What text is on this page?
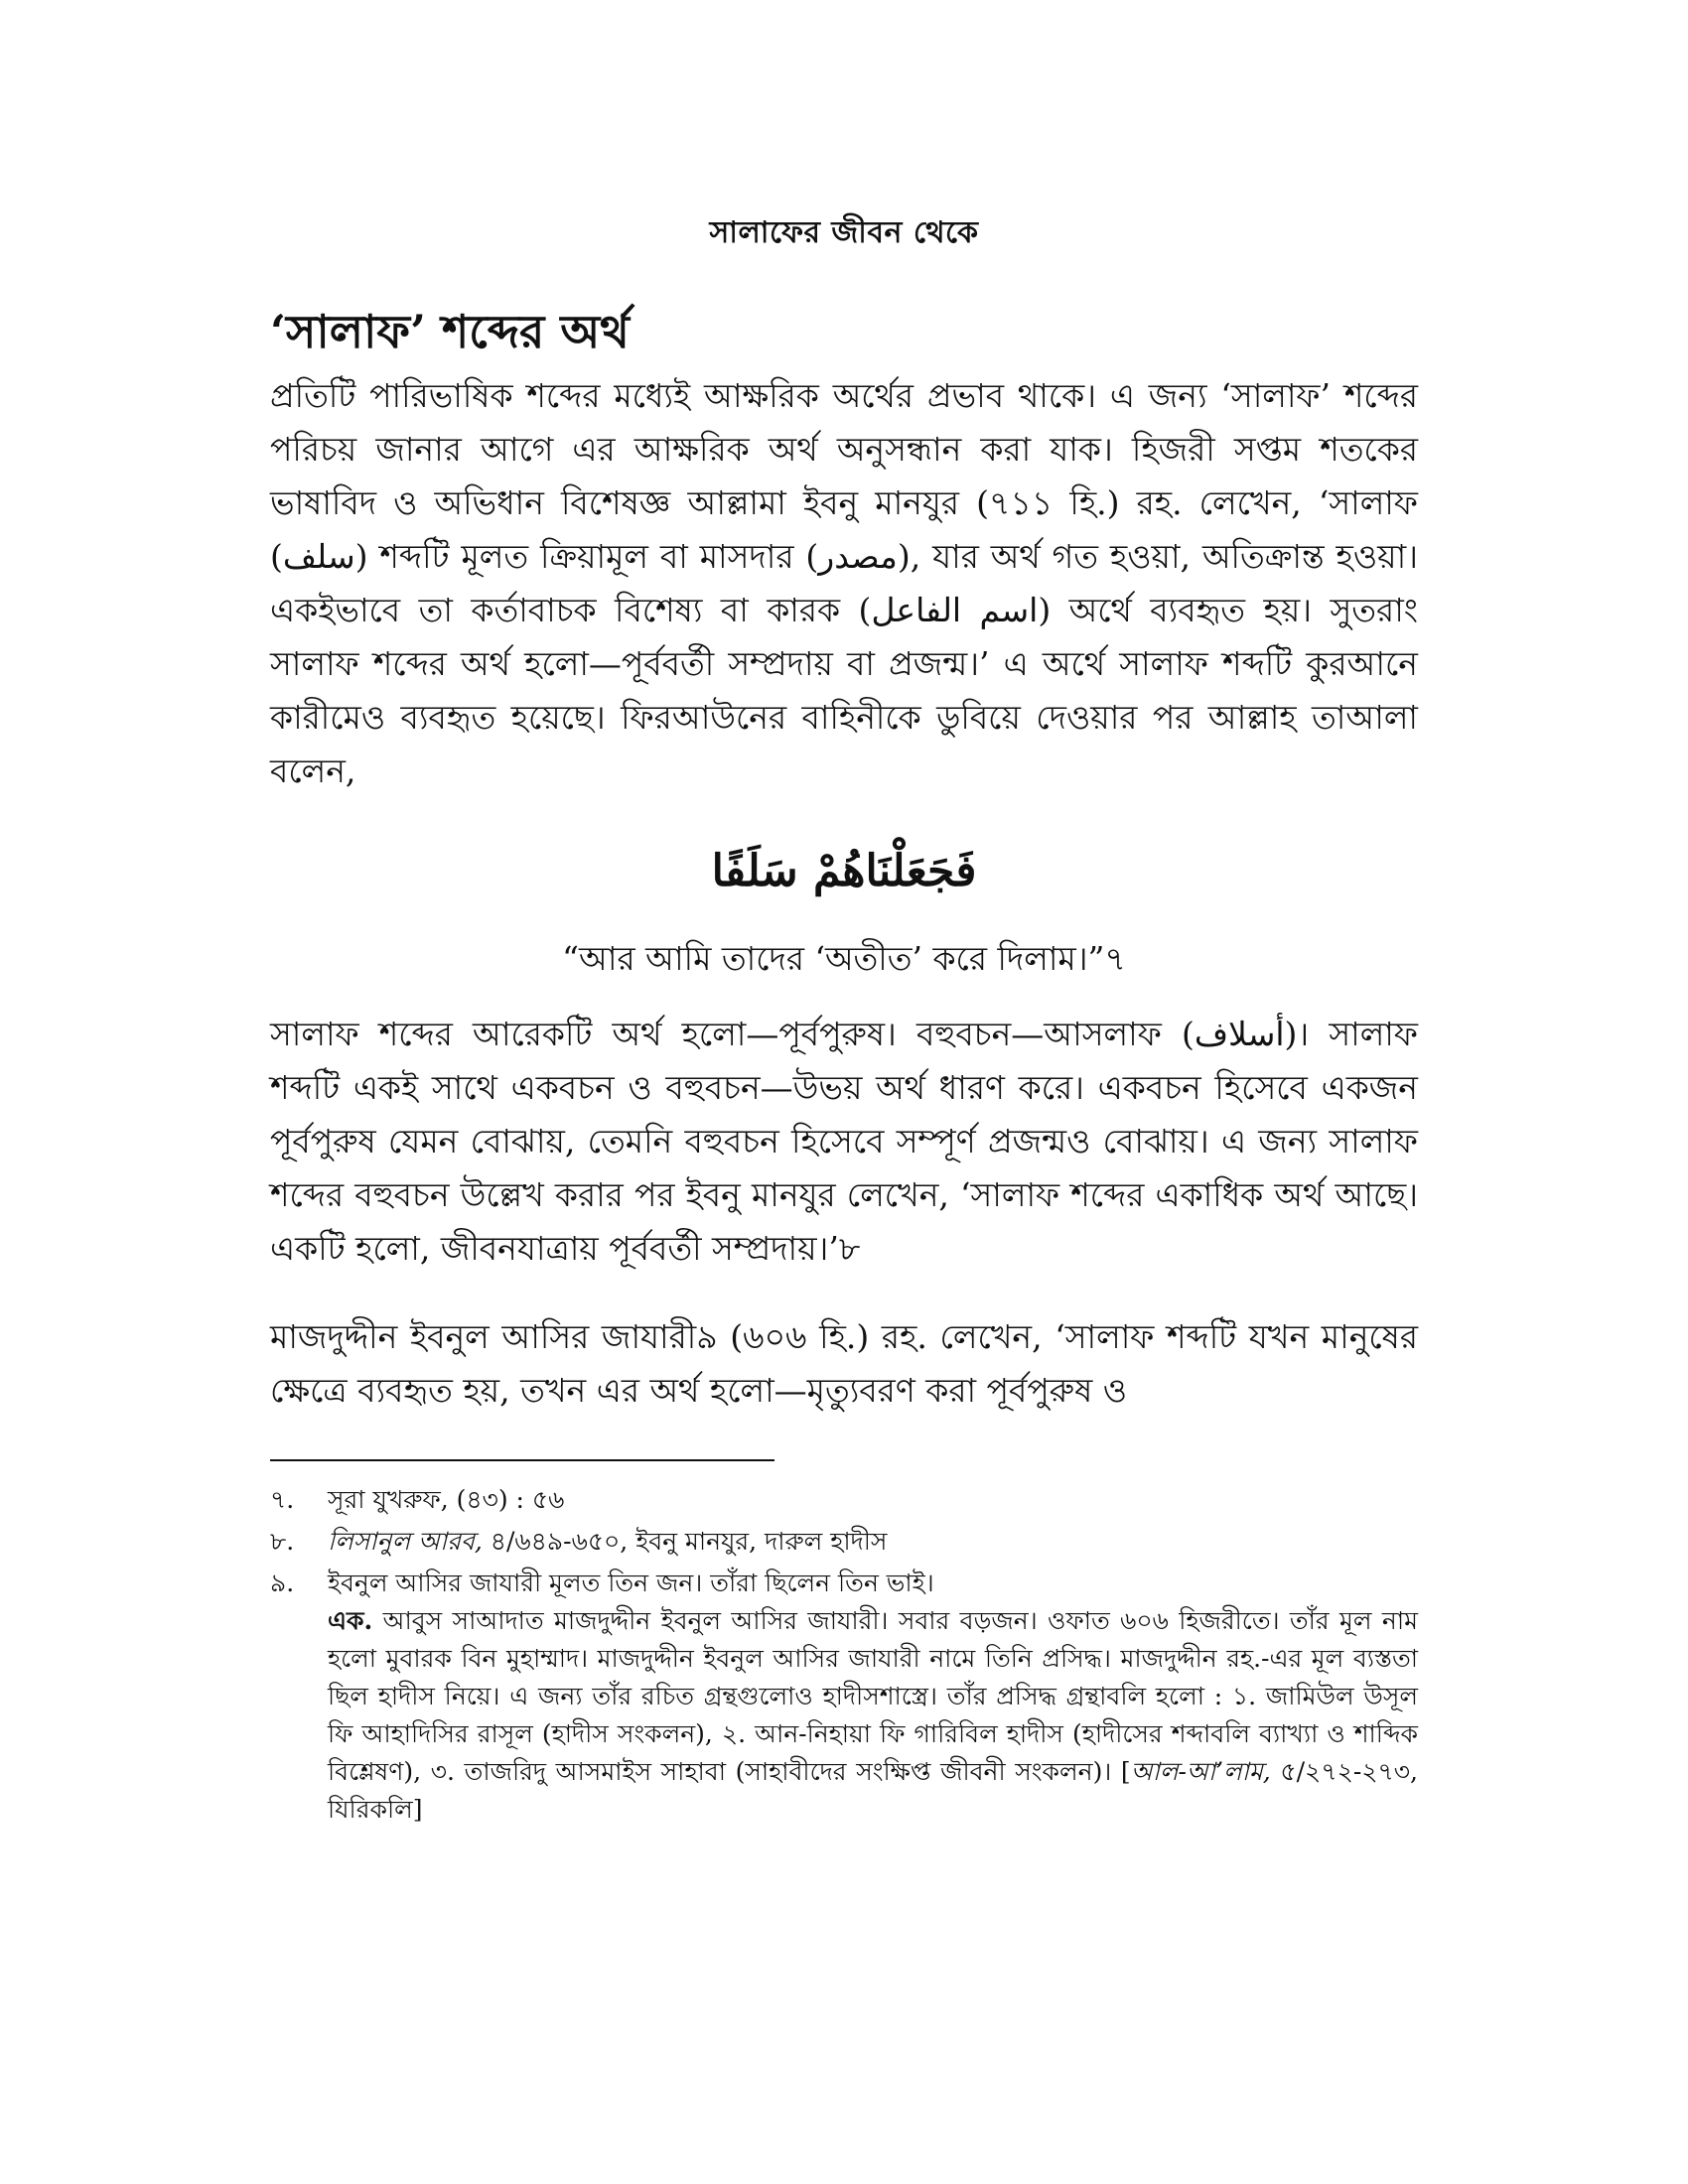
সালাফের জীবন থেকে
‘সালাফ’ শব্দের অর্থ

প্রতিটি পারিভাষিক শব্দের মধ্যেই আক্ষরিক অর্থের প্রভাব থাকে। এ জন্য ‘সালাফ’ শব্দের পরিচয় জানার আগে এর আক্ষরিক অর্থ অনুসন্ধান করা যাক। হিজরী সপ্তম শতকের ভাষাবিদ ও অভিধান বিশেষজ্ঞ আল্লামা ইবনু মানযুর (৭১১ হি.) রহ. লেখেন, ‘সালাফ (سلف) শব্দটি মূলত ক্রিয়ামূল বা মাসদার (مصدر), যার অর্থ গত হওয়া, অতিক্রান্ত হওয়া। একইভাবে তা কর্তাবাচক বিশেষ্য বা কারক (اسم الفاعل) অর্থে ব্যবহৃত হয়। সুতরাং সালাফ শব্দের অর্থ হলো—পূর্ববর্তী সম্প্রদায় বা প্রজন্ম।’ এ অর্থে সালাফ শব্দটি কুরআনে কারীমেও ব্যবহৃত হয়েছে। ফিরআউনের বাহিনীকে ডুবিয়ে দেওয়ার পর আল্লাহ তাআলা বলেন,

فَجَعَلْنَاهُمْ سَلَفًا
“আর আমি তাদের ‘অতীত’ করে দিলাম।”৭

সালাফ শব্দের আরেকটি অর্থ হলো—পূর্বপুরুষ। বহুবচন—আসলাফ (أسلاف)। সালাফ শব্দটি একই সাথে একবচন ও বহুবচন—উভয় অর্থ ধারণ করে। একবচন হিসেবে একজন পূর্বপুরুষ যেমন বোঝায়, তেমনি বহুবচন হিসেবে সম্পূর্ণ প্রজন্মও বোঝায়। এ জন্য সালাফ শব্দের বহুবচন উল্লেখ করার পর ইবনু মানযুর লেখেন, ‘সালাফ শব্দের একাধিক অর্থ আছে। একটি হলো, জীবনযাত্রায় পূর্ববর্তী সম্প্রদায়।’৮

মাজদুদ্দীন ইবনুল আসির জাযারী৯ (৬০৬ হি.) রহ. লেখেন, ‘সালাফ শব্দটি যখন মানুষের ক্ষেত্রে ব্যবহৃত হয়, তখন এর অর্থ হলো—মৃত্যুবরণ করা পূর্বপুরুষ ও

৭.	সূরা যুখরুফ, (৪৩) : ৫৬
৮.	লিসানুল আরব, ৪/৬৪৯-৬৫০, ইবনু মানযুর, দারুল হাদীস
৯.	ইবনুল আসির জাযারী মূলত তিন জন। তাঁরা ছিলেন তিন ভাই।
এক. আবুস সাআদাত মাজদুদ্দীন ইবনুল আসির জাযারী। সবার বড়জন। ওফাত ৬০৬ হিজরীতে। তাঁর মূল নাম হলো মুবারক বিন মুহাম্মাদ। মাজদুদ্দীন ইবনুল আসির জাযারী নামে তিনি প্রসিদ্ধ। মাজদুদ্দীন রহ.-এর মূল ব্যস্ততা ছিল হাদীস নিয়ে। এ জন্য তাঁর রচিত গ্রন্থগুলোও হাদীসশাস্ত্রে। তাঁর প্রসিদ্ধ গ্রন্থাবলি হলো : ১. জামিউল উসূল ফি আহাদিসির রাসূল (হাদীস সংকলন), ২. আন-নিহায়া ফি গারিবিল হাদীস (হাদীসের শব্দাবলি ব্যাখ্যা ও শাব্দিক বিশ্লেষণ), ৩. তাজরিদু আসমাইস সাহাবা (সাহাবীদের সংক্ষিপ্ত জীবনী সংকলন)। [আল-আ’লাম, ৫/২৭২-২৭৩, যিরিকলি]
